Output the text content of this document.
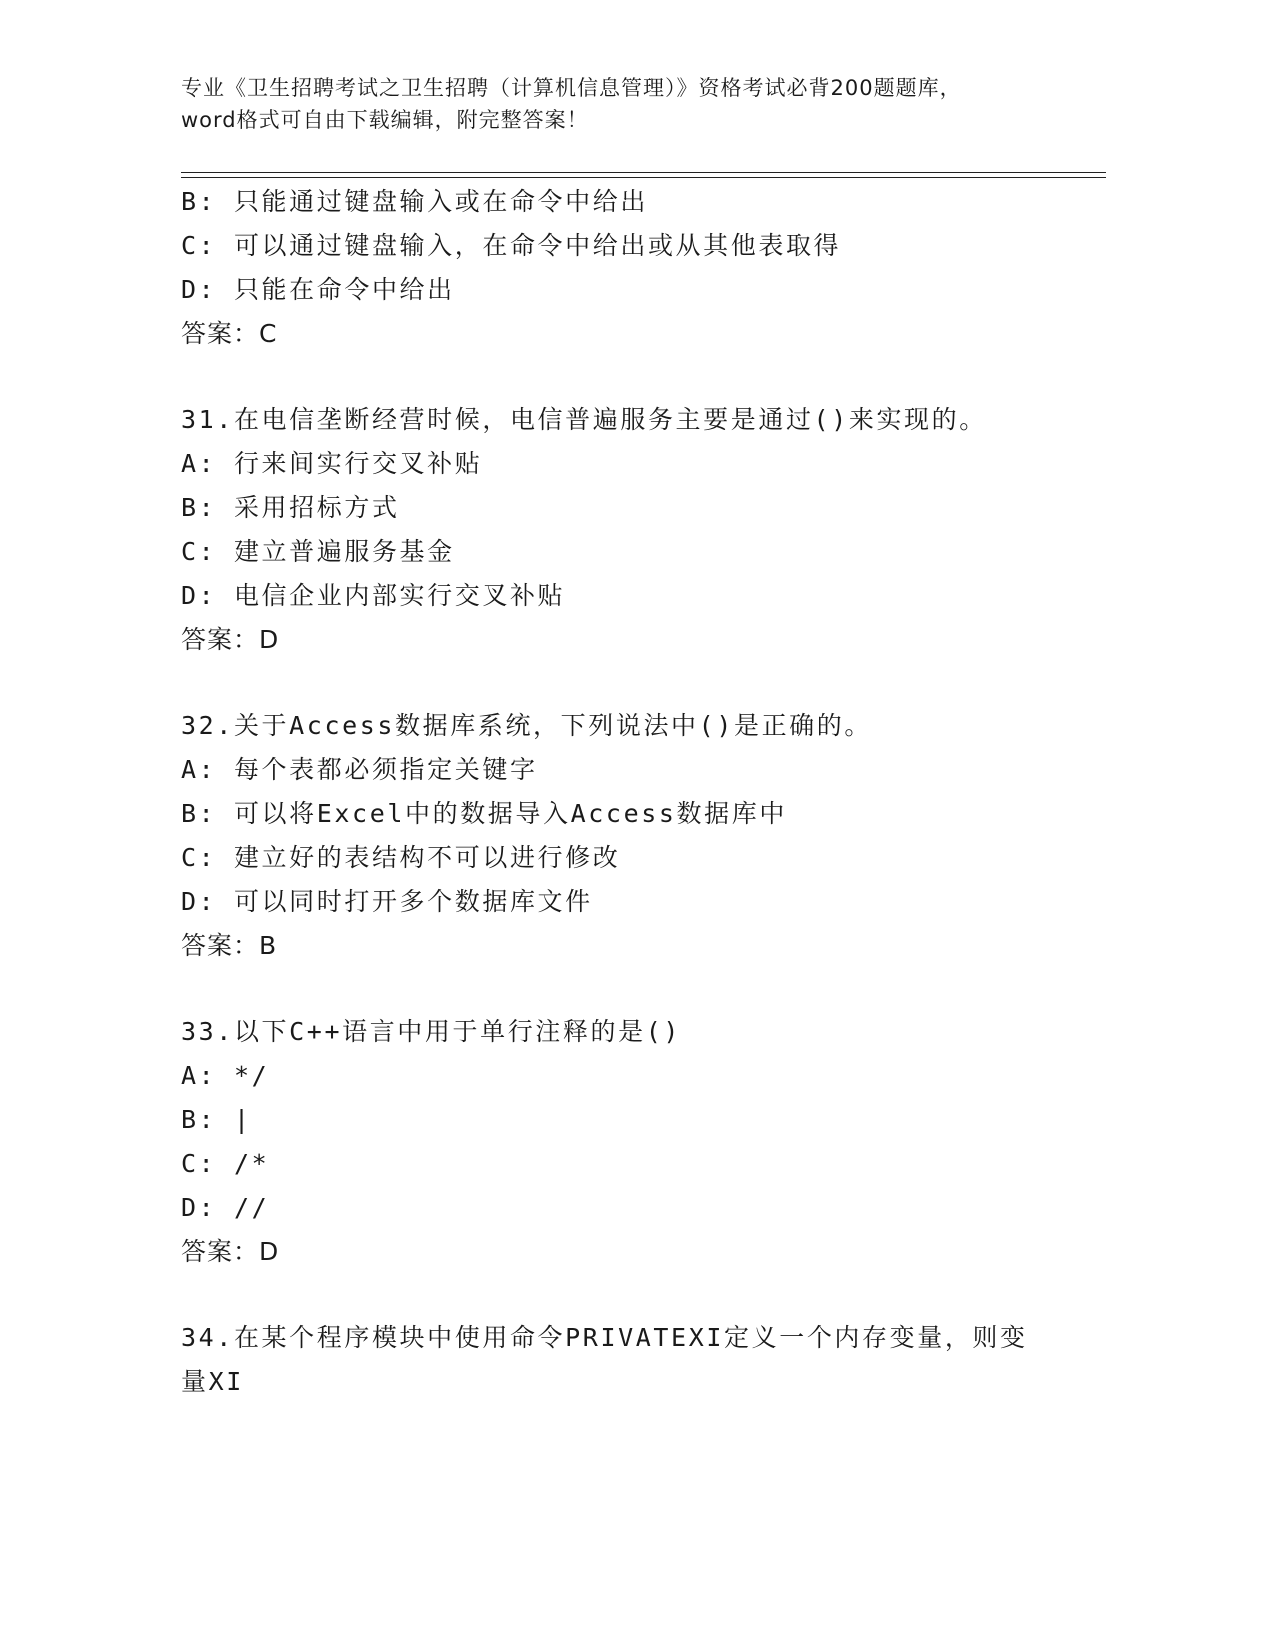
专业《卫生招聘考试之卫生招聘（计算机信息管理）》资格考试必背200题题库，
word格式可自由下载编辑，附完整答案！
B: 只能通过键盘输入或在命令中给出
C: 可以通过键盘输入，在命令中给出或从其他表取得
D: 只能在命令中给出
答案：C
31.在电信垄断经营时候，电信普遍服务主要是通过()来实现的。
A: 行来间实行交叉补贴
B: 采用招标方式
C: 建立普遍服务基金
D: 电信企业内部实行交叉补贴
答案：D
32.关于Access数据库系统，下列说法中()是正确的。
A: 每个表都必须指定关键字
B: 可以将Excel中的数据导入Access数据库中
C: 建立好的表结构不可以进行修改
D: 可以同时打开多个数据库文件
答案：B
33.以下C++语言中用于单行注释的是()
A: */
B: |
C: /*
D: //
答案：D
34.在某个程序模块中使用命令PRIVATEXI定义一个内存变量，则变量XI
